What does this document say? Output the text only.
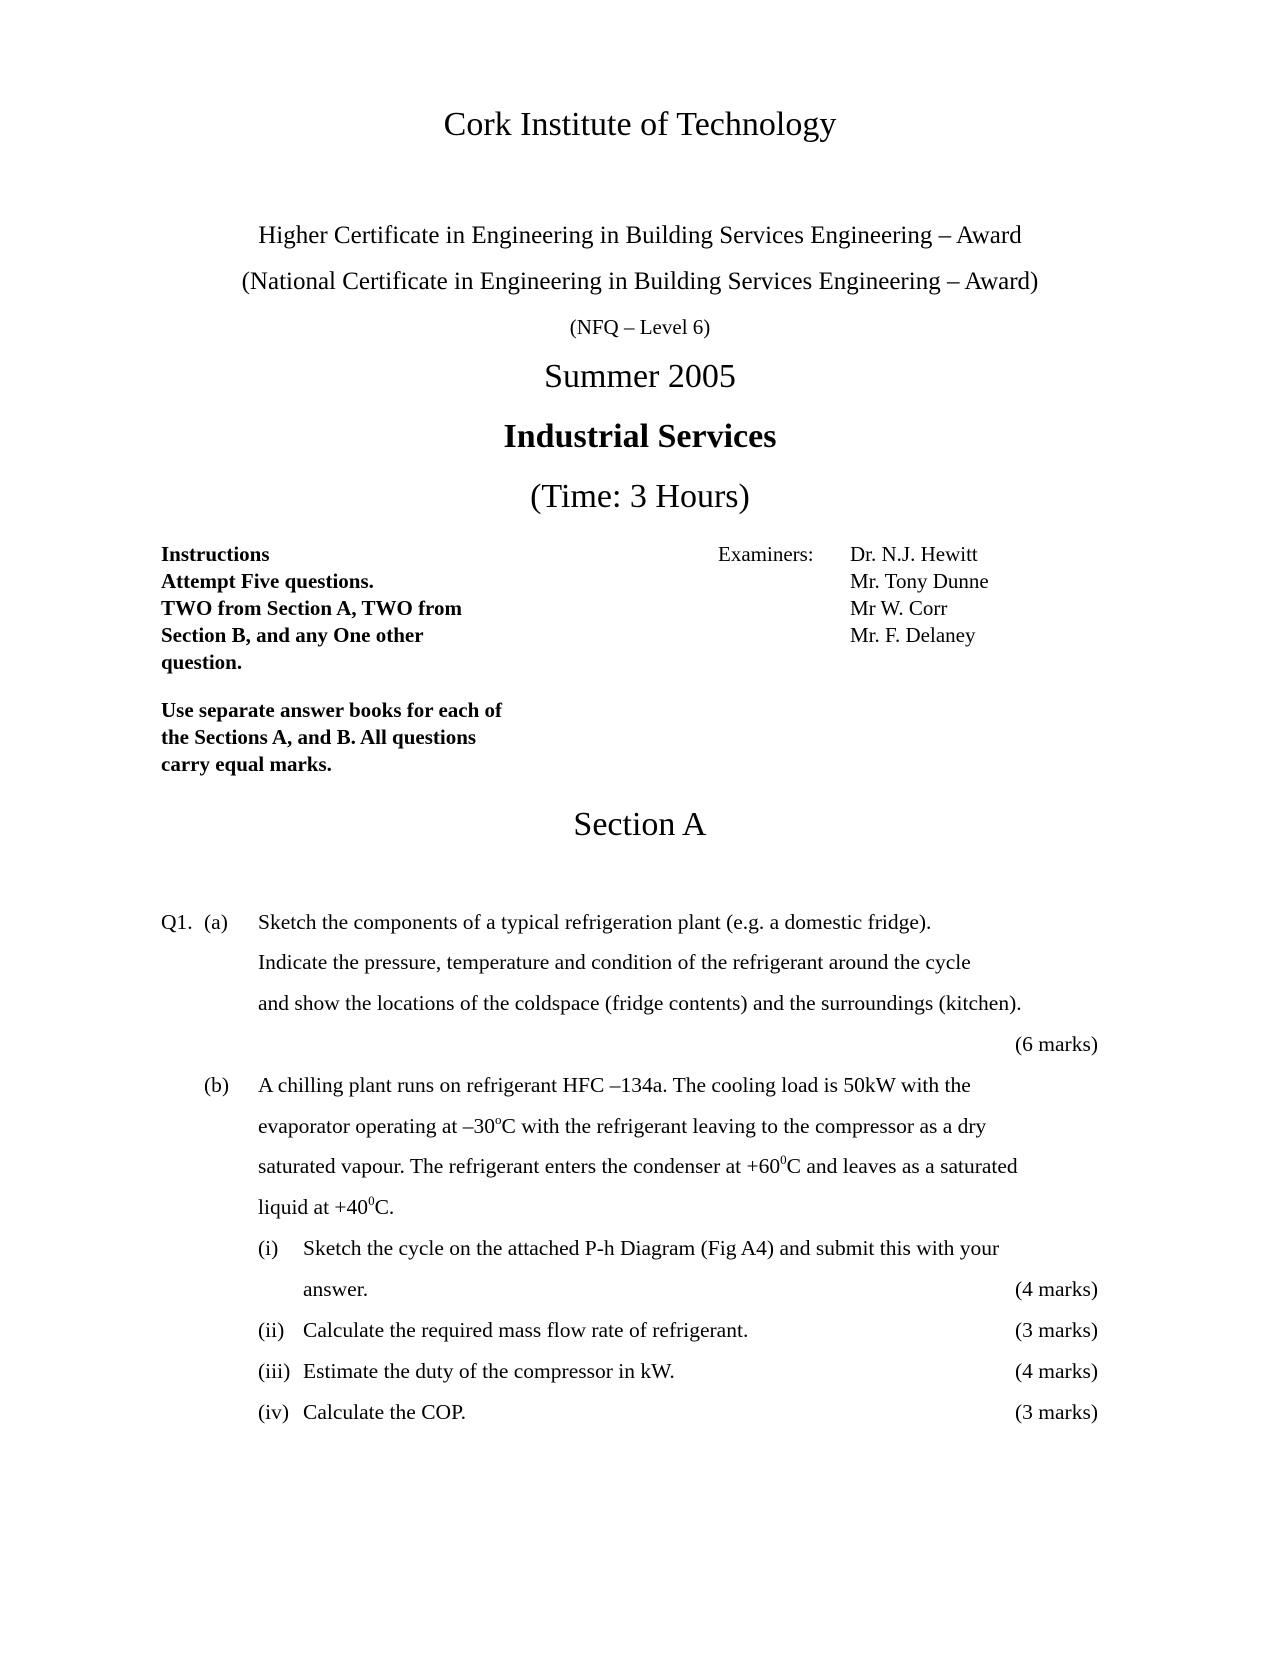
Cork Institute of Technology
Higher Certificate in Engineering in Building Services Engineering – Award
(National Certificate in Engineering in Building Services Engineering – Award)
(NFQ – Level 6)
Summer 2005
Industrial Services
(Time: 3 Hours)

Instructions

Attempt Five questions.
TWO from Section A, TWO from
Section B, and any One other
question.

Use separate answer books for each of
the Sections A, and B. All questions
carry equal marks.

Examiners: Dr. N.J. Hewitt
Mr. Tony Dunne
Mr W. Corr
Mr. F. Delaney
Section A
Q1. (a) Sketch the components of a typical refrigeration plant (e.g. a domestic fridge).
Indicate the pressure, temperature and condition of the refrigerant around the cycle
and show the locations of the coldspace (fridge contents) and the surroundings (kitchen).
(6 marks)
(b) A chilling plant runs on refrigerant HFC –134a. The cooling load is 50kW with the
evaporator operating at –30$^o$C with the refrigerant leaving to the compressor as a dry
saturated vapour. The refrigerant enters the condenser at $+60^0C$ and leaves as a saturated
liquid at $+40^0C$.
(i) Sketch the cycle on the attached P-h Diagram (Fig A4) and submit this with your
answer.	(4 marks)
(ii) Calculate the required mass flow rate of refrigerant.	(3 marks)
(iii) Estimate the duty of the compressor in kW.	(4 marks)
(iv) Calculate the COP.	(3 marks)
